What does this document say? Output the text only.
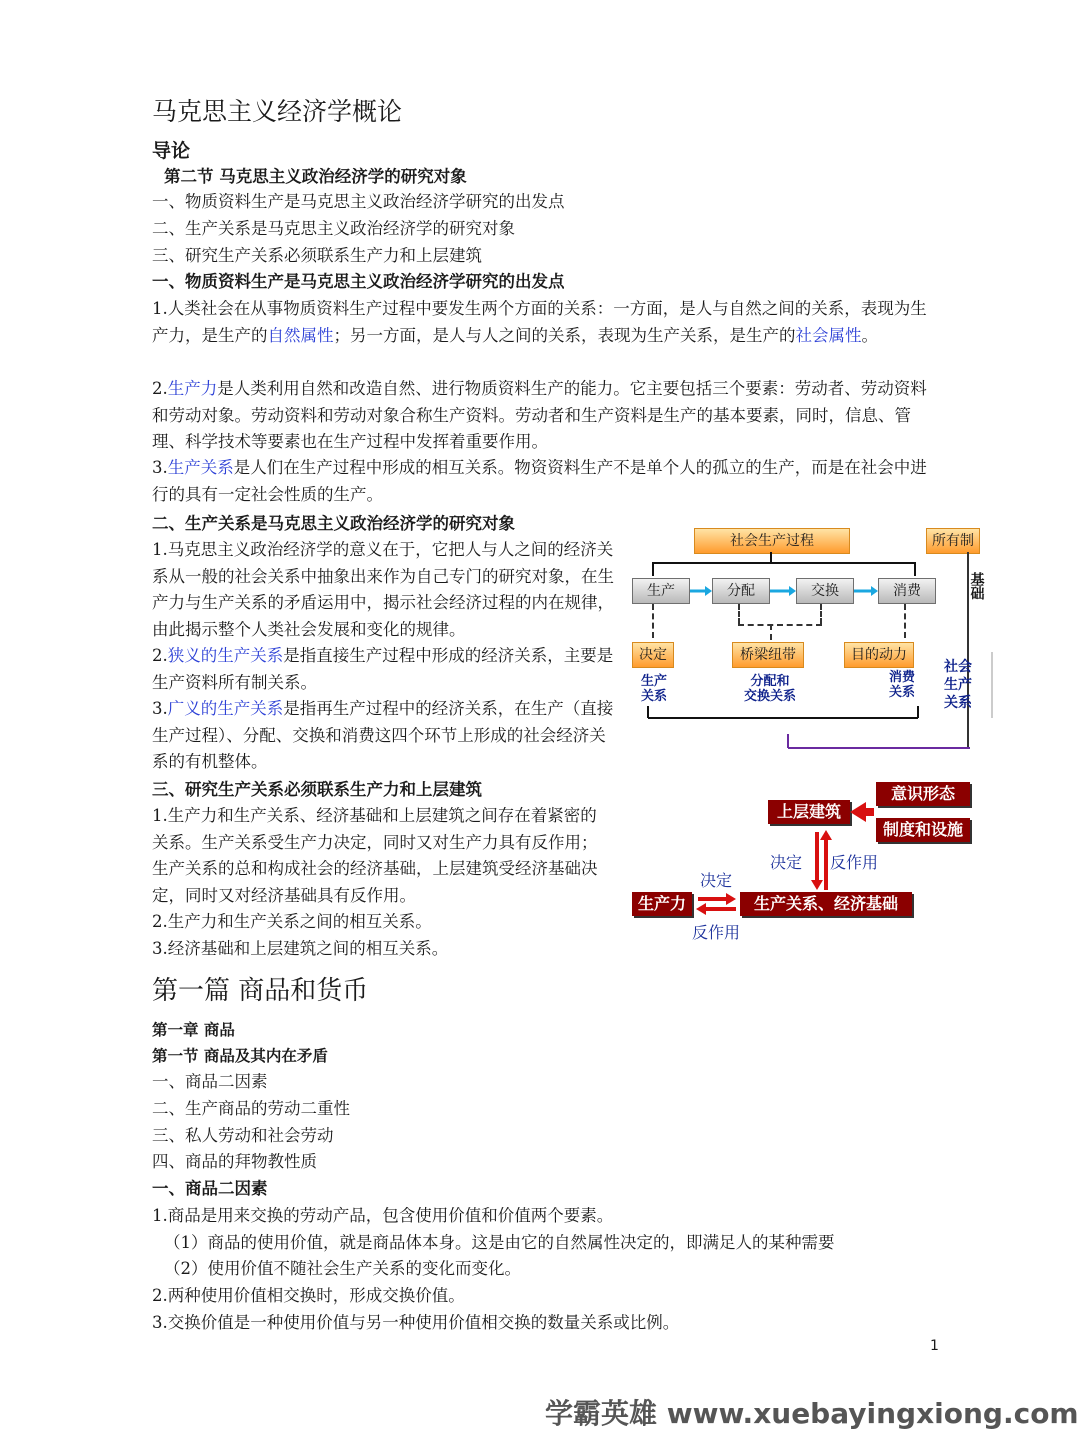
马克思主义经济学概论
导论
第二节 马克思主义政治经济学的研究对象
一、物质资料生产是马克思主义政治经济学研究的出发点
二、生产关系是马克思主义政治经济学的研究对象
三、研究生产关系必须联系生产力和上层建筑
一、物质资料生产是马克思主义政治经济学研究的出发点
1.人类社会在从事物质资料生产过程中要发生两个方面的关系：一方面，是人与自然之间的关系，表现为生产力，是生产的自然属性；另一方面，是人与人之间的关系，表现为生产关系，是生产的社会属性。
2.生产力是人类利用自然和改造自然、进行物质资料生产的能力。它主要包括三个要素：劳动者、劳动资料和劳动对象。劳动资料和劳动对象合称生产资料。劳动者和生产资料是生产的基本要素，同时，信息、管理、科学技术等要素也在生产过程中发挥着重要作用。
3.生产关系是人们在生产过程中形成的相互关系。物资资料生产不是单个人的孤立的生产，而是在社会中进行的具有一定社会性质的生产。
二、生产关系是马克思主义政治经济学的研究对象
1.马克思主义政治经济学的意义在于，它把人与人之间的经济关系从一般的社会关系中抽象出来作为自己专门的研究对象，在生产力与生产关系的矛盾运用中，揭示社会经济过程的内在规律，由此揭示整个人类社会发展和变化的规律。
2.狭义的生产关系是指直接生产过程中形成的经济关系，主要是生产资料所有制关系。
3.广义的生产关系是指再生产过程中的经济关系，在生产（直接生产过程）、分配、交换和消费这四个环节上形成的社会经济关系的有机整体。
三、研究生产关系必须联系生产力和上层建筑
1.生产力和生产关系、经济基础和上层建筑之间存在着紧密的关系。生产关系受生产力决定，同时又对生产力具有反作用；生产关系的总和构成社会的经济基础，上层建筑受经济基础决定，同时又对经济基础具有反作用。
2.生产力和生产关系之间的相互关系。
3.经济基础和上层建筑之间的相互关系。
社会生产过程	所有制
基础
生产	分配	交换	消费
决定	桥梁纽带	目的动力
生产
关系
分配和
交换关系
消费
关系
社会
生产
关系
上层建筑
意识形态
制度和设施
生产力	生产关系、经济基础
决定 反作用
决定
反作用
第一篇 商品和货币
第一章 商品
第一节 商品及其内在矛盾
一、商品二因素
二、生产商品的劳动二重性
三、私人劳动和社会劳动
四、商品的拜物教性质
一、商品二因素
1.商品是用来交换的劳动产品，包含使用价值和价值两个要素。
（1）商品的使用价值，就是商品体本身。这是由它的自然属性决定的，即满足人的某种需要
（2）使用价值不随社会生产关系的变化而变化。
2.两种使用价值相交换时，形成交换价值。
3.交换价值是一种使用价值与另一种使用价值相交换的数量关系或比例。
1
学霸英雄 www.xuebayingxiong.com
